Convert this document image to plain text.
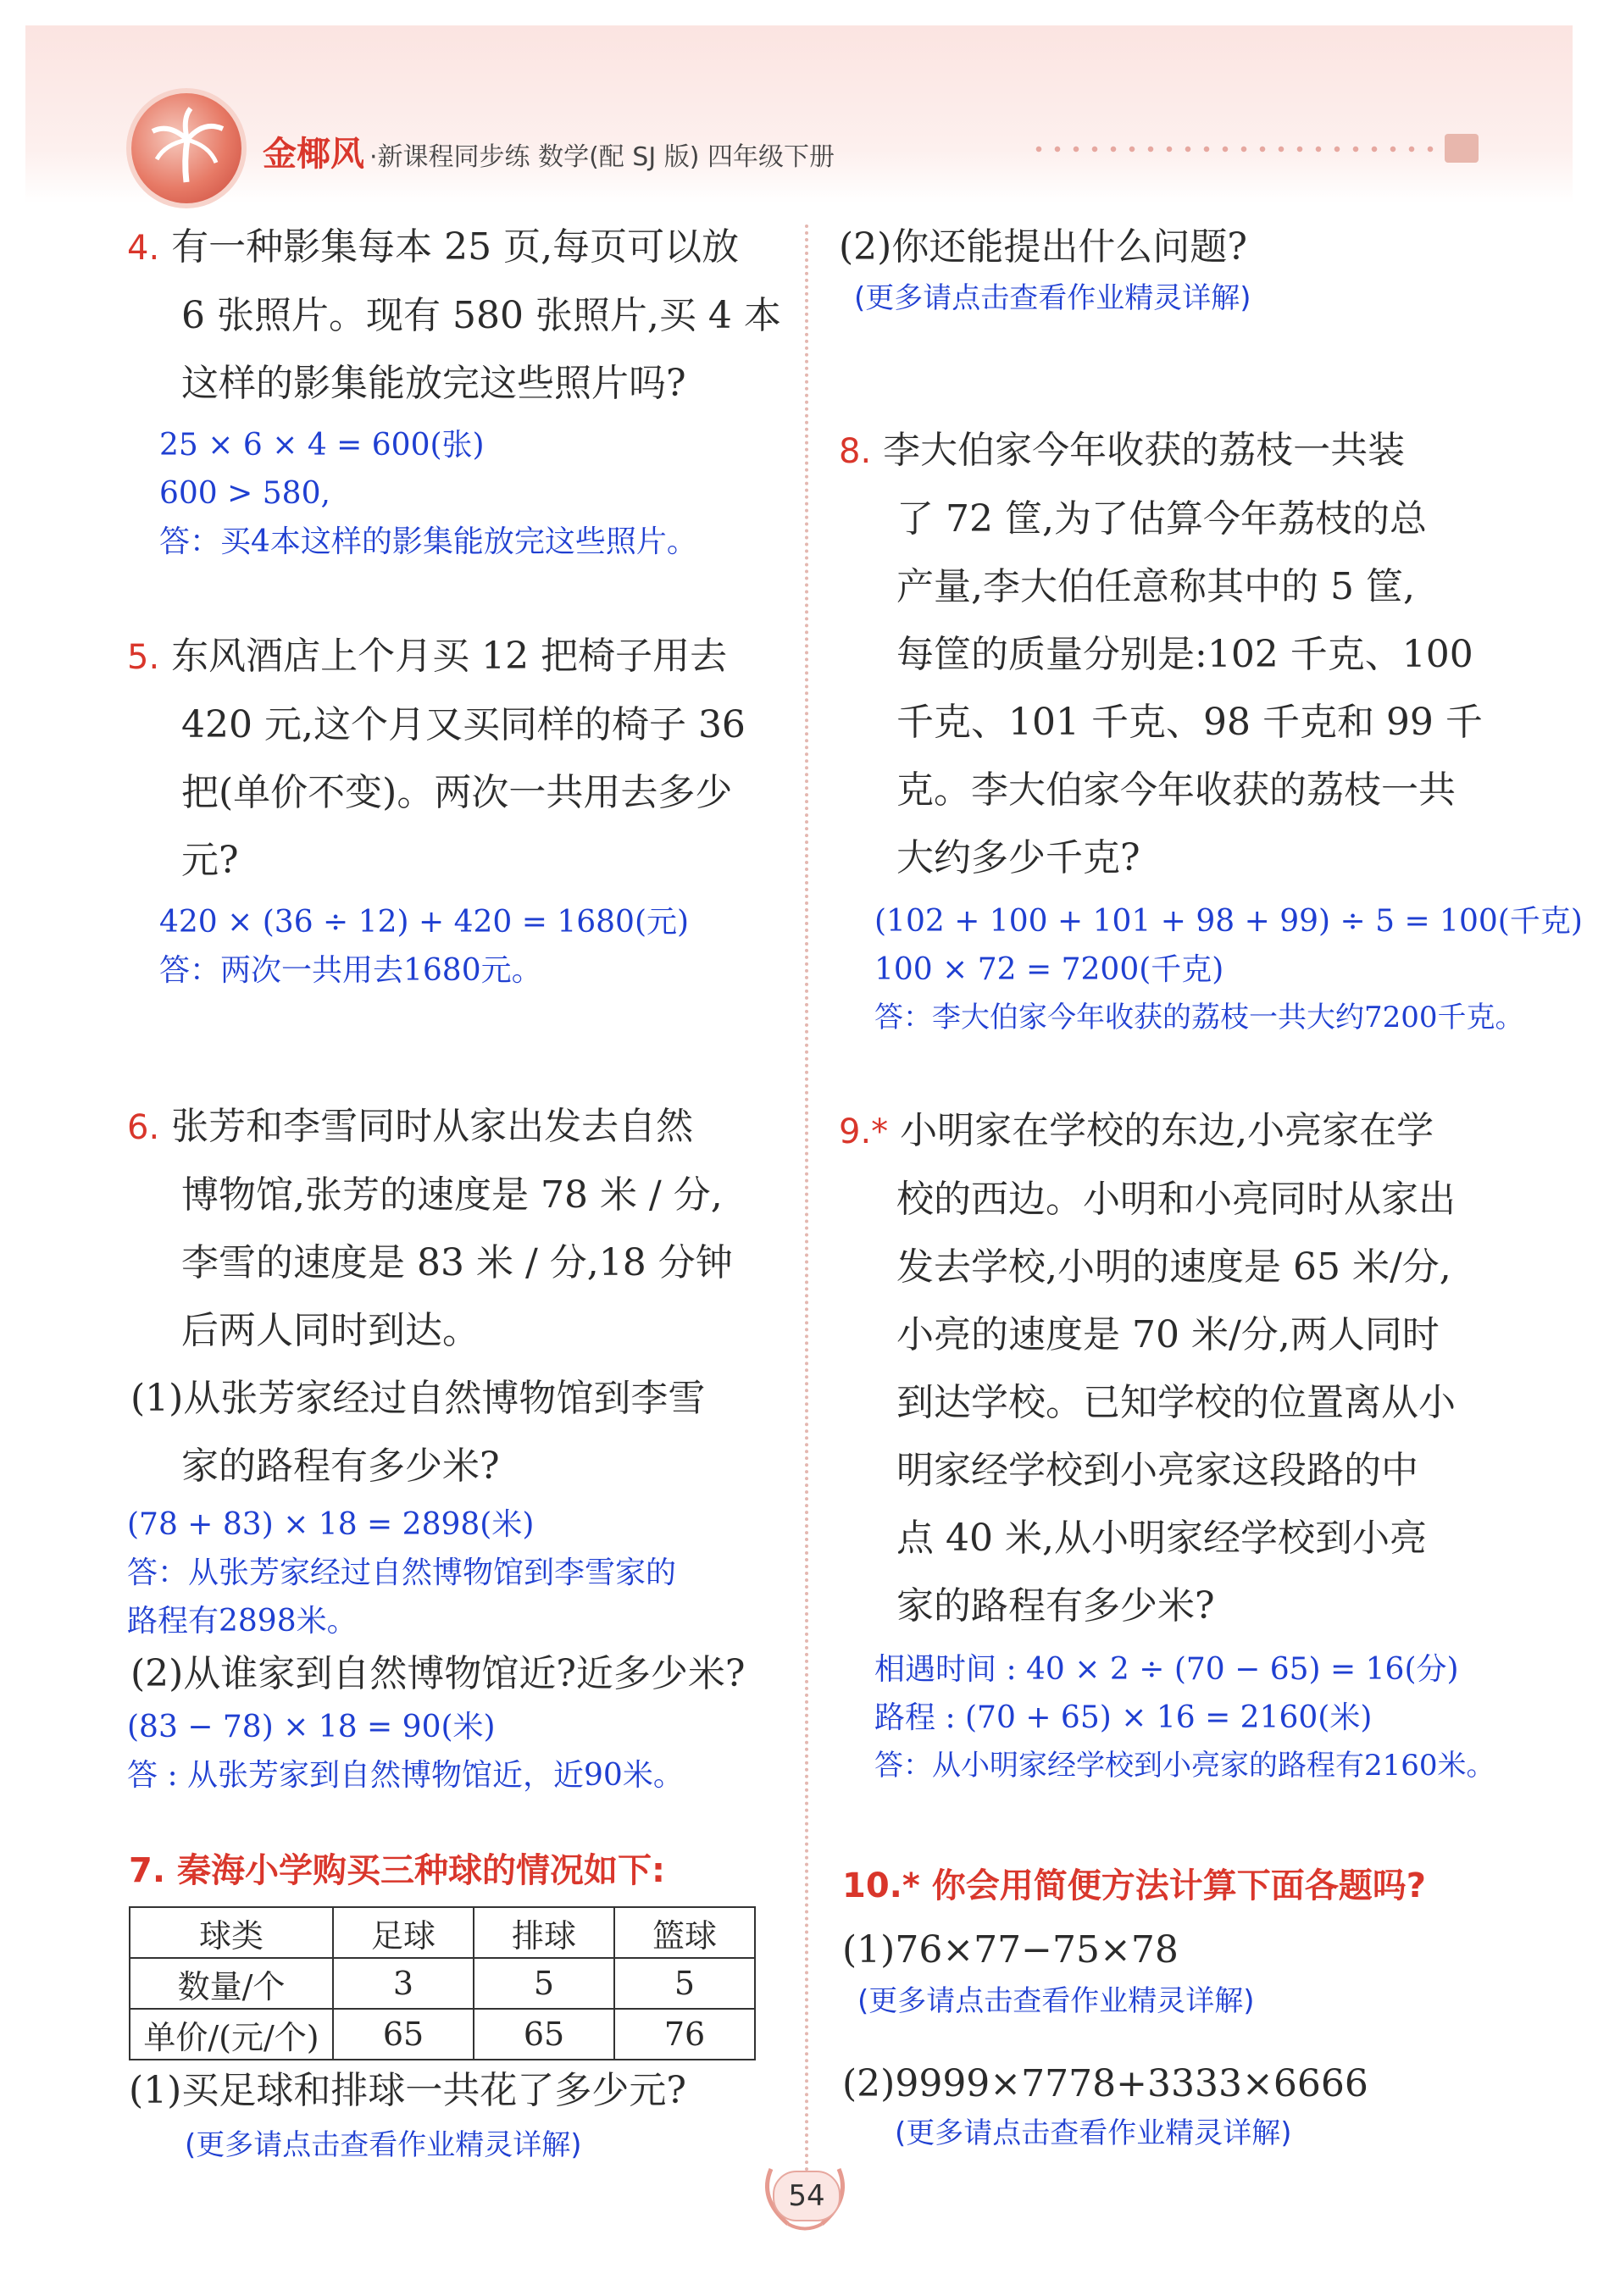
金椰风 ·新课程同步练 数学(配 SJ 版) 四年级下册
4. 有一种影集每本 25 页,每页可以放
6 张照片。现有 580 张照片,买 4 本
这样的影集能放完这些照片吗?
25 × 6 × 4 = 600(张)
600 > 580,
答：买4本这样的影集能放完这些照片。
5. 东风酒店上个月买 12 把椅子用去
420 元,这个月又买同样的椅子 36
把(单价不变)。两次一共用去多少
元?
420 × (36 ÷ 12) + 420 = 1680(元)
答：两次一共用去1680元。
6. 张芳和李雪同时从家出发去自然
博物馆,张芳的速度是 78 米 / 分,
李雪的速度是 83 米 / 分,18 分钟
后两人同时到达。
(1)从张芳家经过自然博物馆到李雪
家的路程有多少米?
(78 + 83) × 18 = 2898(米)
答：从张芳家经过自然博物馆到李雪家的
路程有2898米。
(2)从谁家到自然博物馆近?近多少米?
(83 − 78) × 18 = 90(米)
答 : 从张芳家到自然博物馆近，近90米。
7. 秦海小学购买三种球的情况如下:
球类	足球	排球	篮球
数量/个	3	5	5
单价/(元/个)	65	65	76
(1)买足球和排球一共花了多少元?
(更多请点击查看作业精灵详解)
(2)你还能提出什么问题?
(更多请点击查看作业精灵详解)
8. 李大伯家今年收获的荔枝一共装
了 72 筐,为了估算今年荔枝的总
产量,李大伯任意称其中的 5 筐,
每筐的质量分别是:102 千克、100
千克、101 千克、98 千克和 99 千
克。李大伯家今年收获的荔枝一共
大约多少千克?
(102 + 100 + 101 + 98 + 99) ÷ 5 = 100(千克)
100 × 72 = 7200(千克)
答：李大伯家今年收获的荔枝一共大约7200千克。
9.* 小明家在学校的东边,小亮家在学
校的西边。小明和小亮同时从家出
发去学校,小明的速度是 65 米/分,
小亮的速度是 70 米/分,两人同时
到达学校。已知学校的位置离从小
明家经学校到小亮家这段路的中
点 40 米,从小明家经学校到小亮
家的路程有多少米?
相遇时间 : 40 × 2 ÷ (70 − 65) = 16(分)
路程 : (70 + 65) × 16 = 2160(米)
答：从小明家经学校到小亮家的路程有2160米。
10.* 你会用简便方法计算下面各题吗?
(1)76×77−75×78
(更多请点击查看作业精灵详解)
(2)9999×7778+3333×6666
(更多请点击查看作业精灵详解)
54
